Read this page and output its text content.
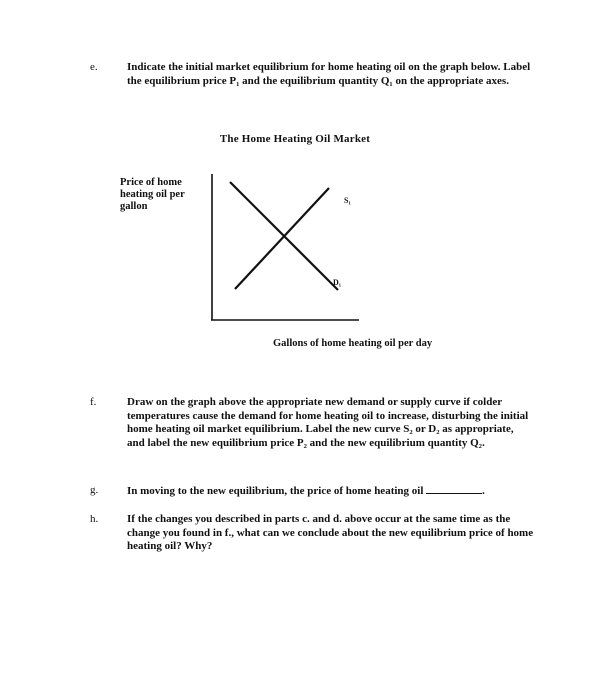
e.	Indicate the initial market equilibrium for home heating oil on the graph below. Label the equilibrium price P₁ and the equilibrium quantity Q₁ on the appropriate axes.
The Home Heating Oil Market
Price of home heating oil per gallon
S₁
D₁
Gallons of home heating oil per day
f.	Draw on the graph above the appropriate new demand or supply curve if colder temperatures cause the demand for home heating oil to increase, disturbing the initial home heating oil market equilibrium. Label the new curve S₂ or D₂ as appropriate, and label the new equilibrium price P₂ and the new equilibrium quantity Q₂.
g.	In moving to the new equilibrium, the price of home heating oil	.
h.	If the changes you described in parts c. and d. above occur at the same time as the change you found in f., what can we conclude about the new equilibrium price of home heating oil? Why?
